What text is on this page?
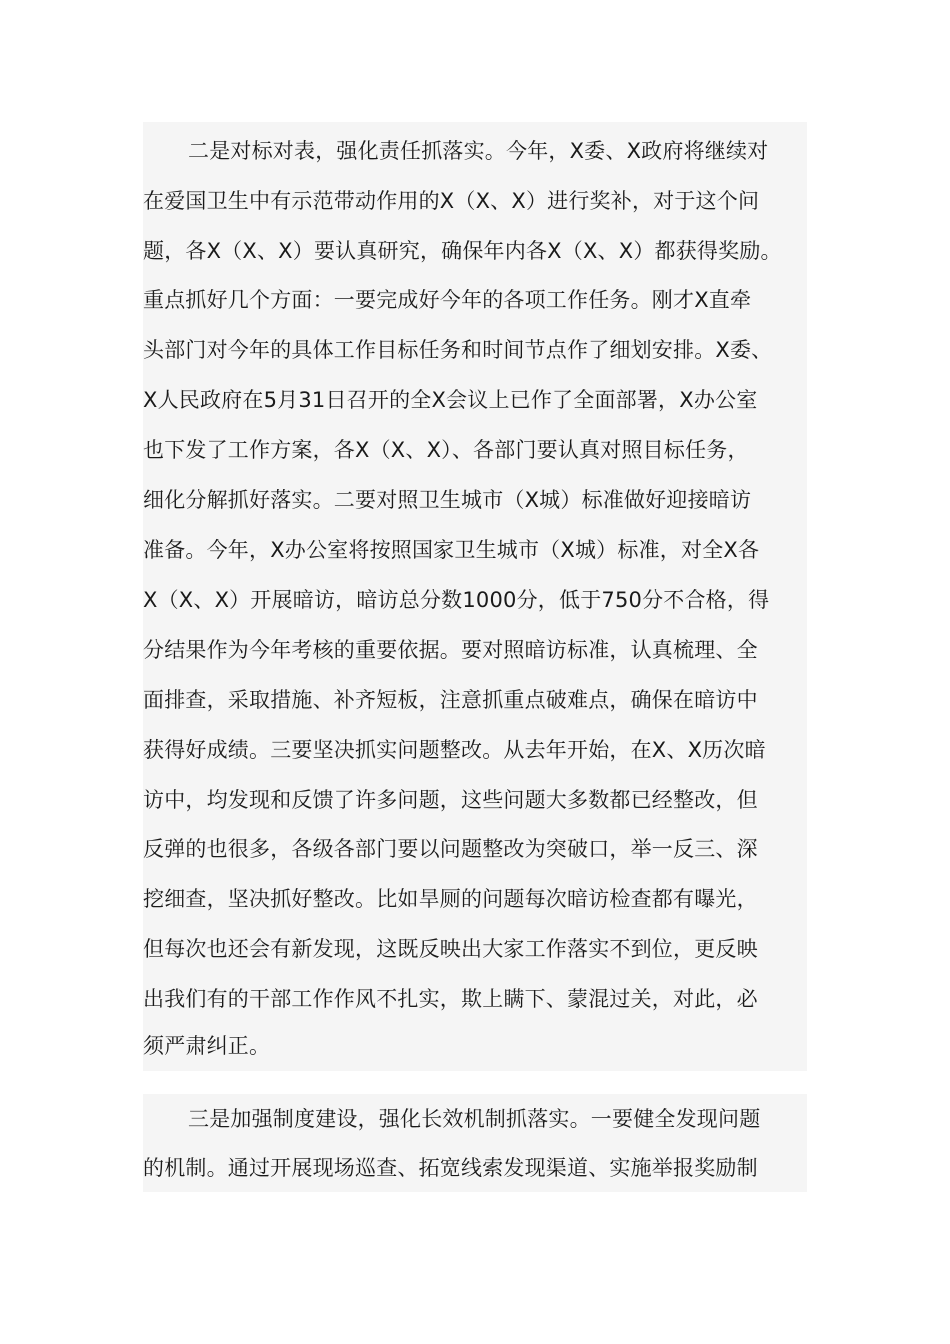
二是对标对表，强化责任抓落实。今年，X委、X政府将继续对
在爱国卫生中有示范带动作用的X（X、X）进行奖补，对于这个问
题，各X（X、X）要认真研究，确保年内各X（X、X）都获得奖励。
重点抓好几个方面：一要完成好今年的各项工作任务。刚才X直牵
头部门对今年的具体工作目标任务和时间节点作了细划安排。X委、
X人民政府在5月31日召开的全X会议上已作了全面部署，X办公室
也下发了工作方案，各X（X、X）、各部门要认真对照目标任务，
细化分解抓好落实。二要对照卫生城市（X城）标准做好迎接暗访
准备。今年，X办公室将按照国家卫生城市（X城）标准，对全X各
X（X、X）开展暗访，暗访总分数1000分，低于750分不合格，得
分结果作为今年考核的重要依据。要对照暗访标准，认真梳理、全
面排查，采取措施、补齐短板，注意抓重点破难点，确保在暗访中
获得好成绩。三要坚决抓实问题整改。从去年开始，在X、X历次暗
访中，均发现和反馈了许多问题，这些问题大多数都已经整改，但
反弹的也很多，各级各部门要以问题整改为突破口，举一反三、深
挖细查，坚决抓好整改。比如旱厕的问题每次暗访检查都有曝光，
但每次也还会有新发现，这既反映出大家工作落实不到位，更反映
出我们有的干部工作作风不扎实，欺上瞒下、蒙混过关，对此，必
须严肃纠正。
三是加强制度建设，强化长效机制抓落实。一要健全发现问题
的机制。通过开展现场巡查、拓宽线索发现渠道、实施举报奖励制
